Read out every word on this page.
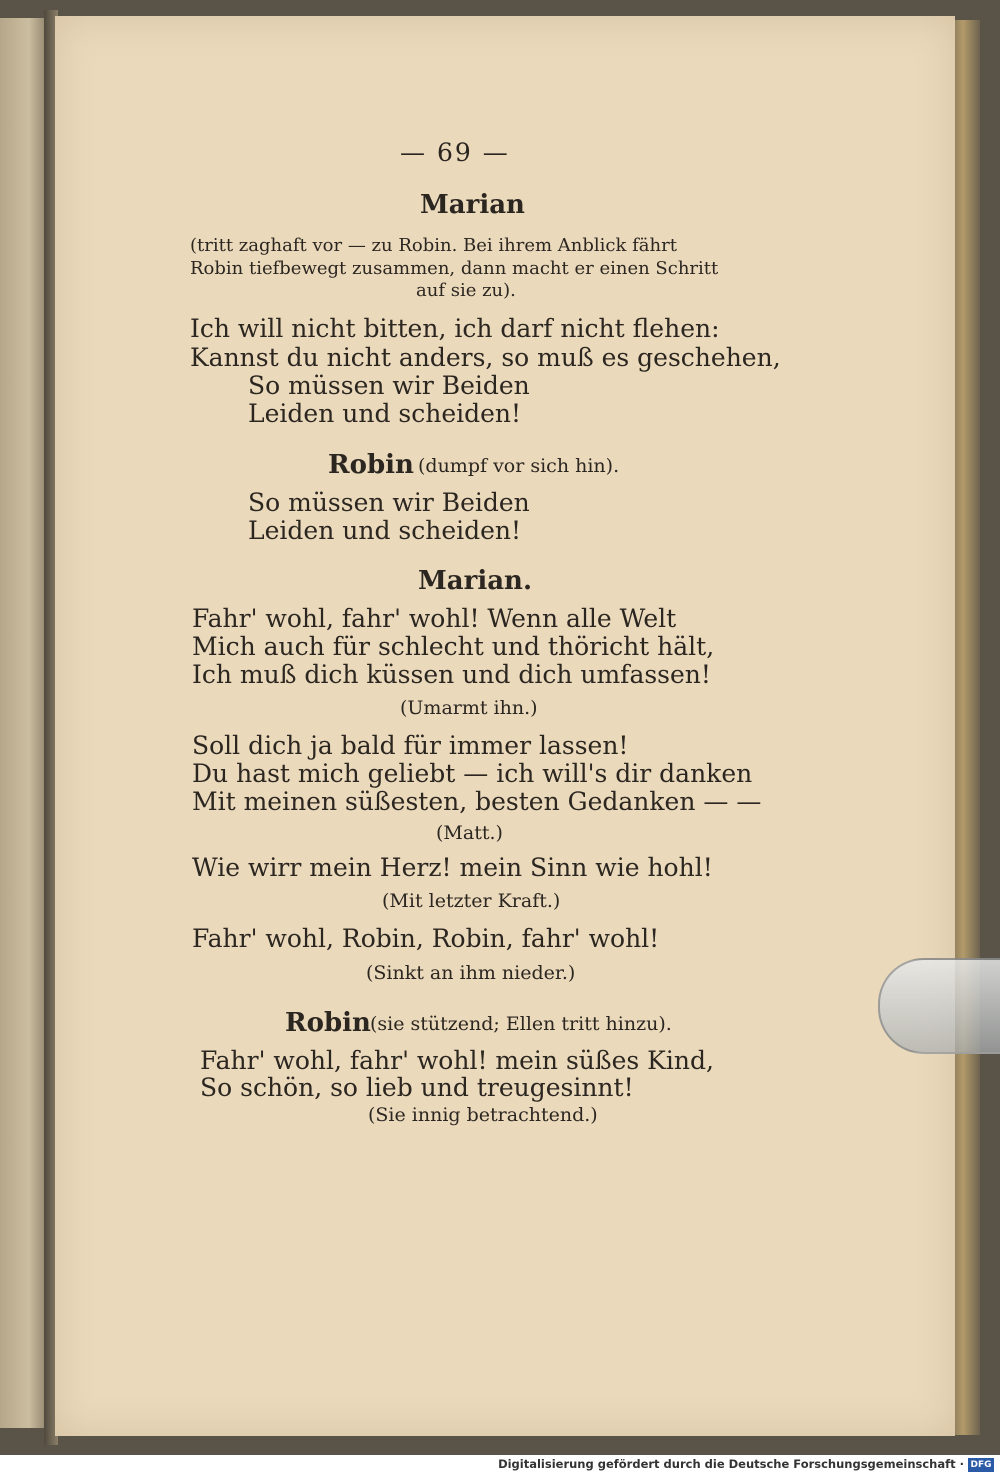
— 69 —
Marian
(tritt zaghaft vor — zu Robin. Bei ihrem Anblick fährt
Robin tiefbewegt zusammen, dann macht er einen Schritt
auf sie zu).
Ich will nicht bitten, ich darf nicht flehen:
Kannst du nicht anders, so muß es geschehen,
So müssen wir Beiden
Leiden und scheiden!
Robin (dumpf vor sich hin).
So müssen wir Beiden
Leiden und scheiden!
Marian.
Fahr' wohl, fahr' wohl! Wenn alle Welt
Mich auch für schlecht und thöricht hält,
Ich muß dich küssen und dich umfassen!
(Umarmt ihn.)
Soll dich ja bald für immer lassen!
Du hast mich geliebt — ich will's dir danken
Mit meinen süßesten, besten Gedanken — —
(Matt.)
Wie wirr mein Herz! mein Sinn wie hohl!
(Mit letzter Kraft.)
Fahr' wohl, Robin, Robin, fahr' wohl!
(Sinkt an ihm nieder.)
Robin (sie stützend; Ellen tritt hinzu).
Fahr' wohl, fahr' wohl! mein süßes Kind,
So schön, so lieb und treugesinnt!
(Sie innig betrachtend.)
Digitalisierung gefördert durch die Deutsche Forschungsgemeinschaft · DFG
